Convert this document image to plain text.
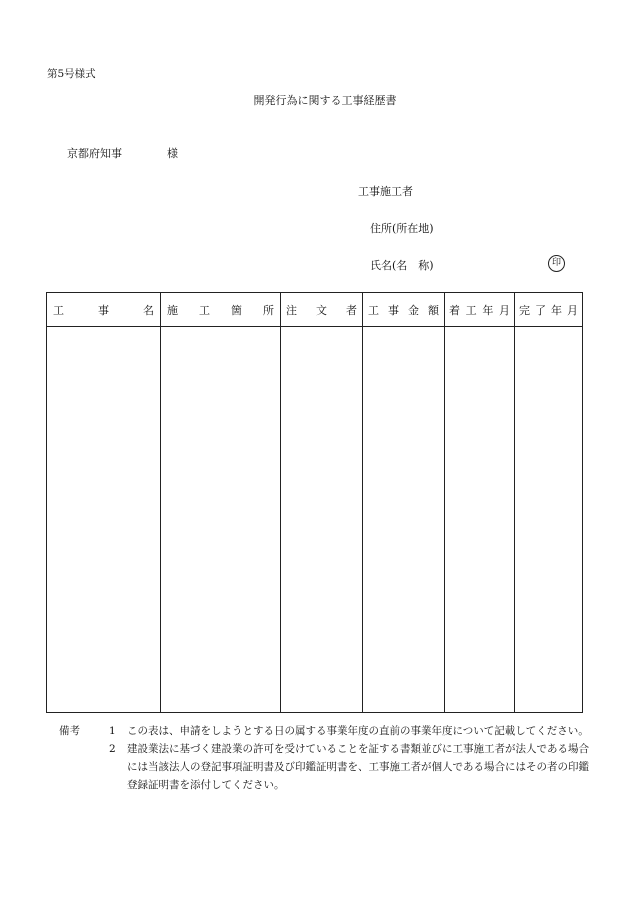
第5号様式
開発行為に関する工事経歴書
京都府知事	様
工事施工者
住所(所在地)
氏名(名　称)	印
工 事 名	施 工 箇 所	注 文 者	工 事 金 額	着 工 年 月	完 了 年 月

備考	1	この表は、申請をしようとする日の属する事業年度の直前の事業年度について記載してください。
2	建設業法に基づく建設業の許可を受けていることを証する書類並びに工事施工者が法人である場合には当該法人の登記事項証明書及び印鑑証明書を、工事施工者が個人である場合にはその者の印鑑登録証明書を添付してください。
